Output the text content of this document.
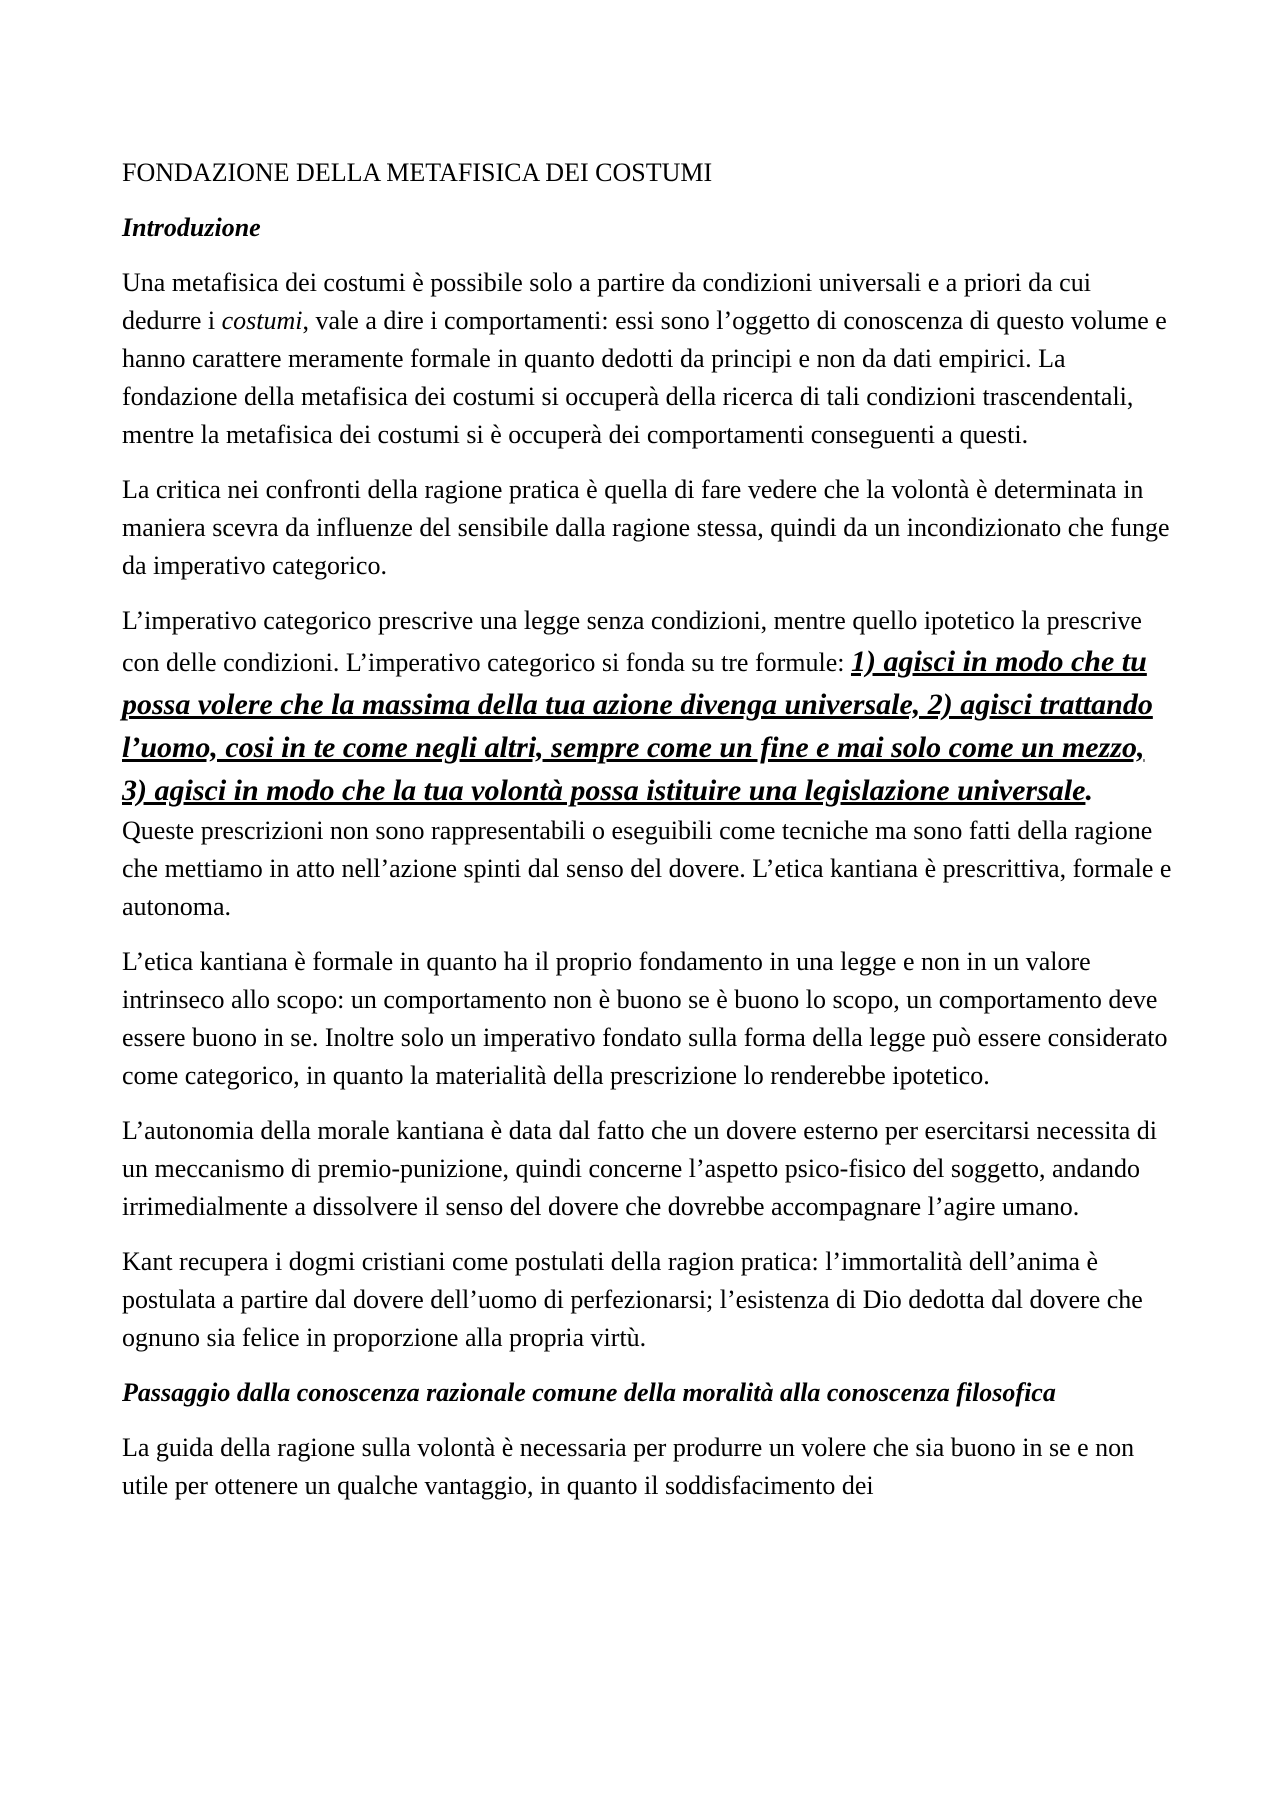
FONDAZIONE DELLA METAFISICA DEI COSTUMI
Introduzione

Una metafisica dei costumi è possibile solo a partire da condizioni universali e a priori da cui dedurre i costumi, vale a dire i comportamenti: essi sono l’oggetto di conoscenza di questo volume e hanno carattere meramente formale in quanto dedotti da principi e non da dati empirici. La fondazione della metafisica dei costumi si occuperà della ricerca di tali condizioni trascendentali, mentre la metafisica dei costumi si è occuperà dei comportamenti conseguenti a questi.

La critica nei confronti della ragione pratica è quella di fare vedere che la volontà è determinata in maniera scevra da influenze del sensibile dalla ragione stessa, quindi da un incondizionato che funge da imperativo categorico.

L’imperativo categorico prescrive una legge senza condizioni, mentre quello ipotetico la prescrive con delle condizioni. L’imperativo categorico si fonda su tre formule: 1) agisci in modo che tu possa volere che la massima della tua azione divenga universale, 2) agisci trattando l’uomo, cosi in te come negli altri, sempre come un fine e mai solo come un mezzo, 3) agisci in modo che la tua volontà possa istituire una legislazione universale.

Queste prescrizioni non sono rappresentabili o eseguibili come tecniche ma sono fatti della ragione che mettiamo in atto nell’azione spinti dal senso del dovere. L’etica kantiana è prescrittiva, formale e autonoma.

L’etica kantiana è formale in quanto ha il proprio fondamento in una legge e non in un valore intrinseco allo scopo: un comportamento non è buono se è buono lo scopo, un comportamento deve essere buono in se. Inoltre solo un imperativo fondato sulla forma della legge può essere considerato come categorico, in quanto la materialità della prescrizione lo renderebbe ipotetico.

L’autonomia della morale kantiana è data dal fatto che un dovere esterno per esercitarsi necessita di un meccanismo di premio-punizione, quindi concerne l’aspetto psico-fisico del soggetto, andando irrimedialmente a dissolvere il senso del dovere che dovrebbe accompagnare l’agire umano.

Kant recupera i dogmi cristiani come postulati della ragion pratica: l’immortalità dell’anima è postulata a partire dal dovere dell’uomo di perfezionarsi; l’esistenza di Dio dedotta dal dovere che ognuno sia felice in proporzione alla propria virtù.

Passaggio dalla conoscenza razionale comune della moralità alla conoscenza filosofica

La guida della ragione sulla volontà è necessaria per produrre un volere che sia buono in se e non utile per ottenere un qualche vantaggio, in quanto il soddisfacimento dei
